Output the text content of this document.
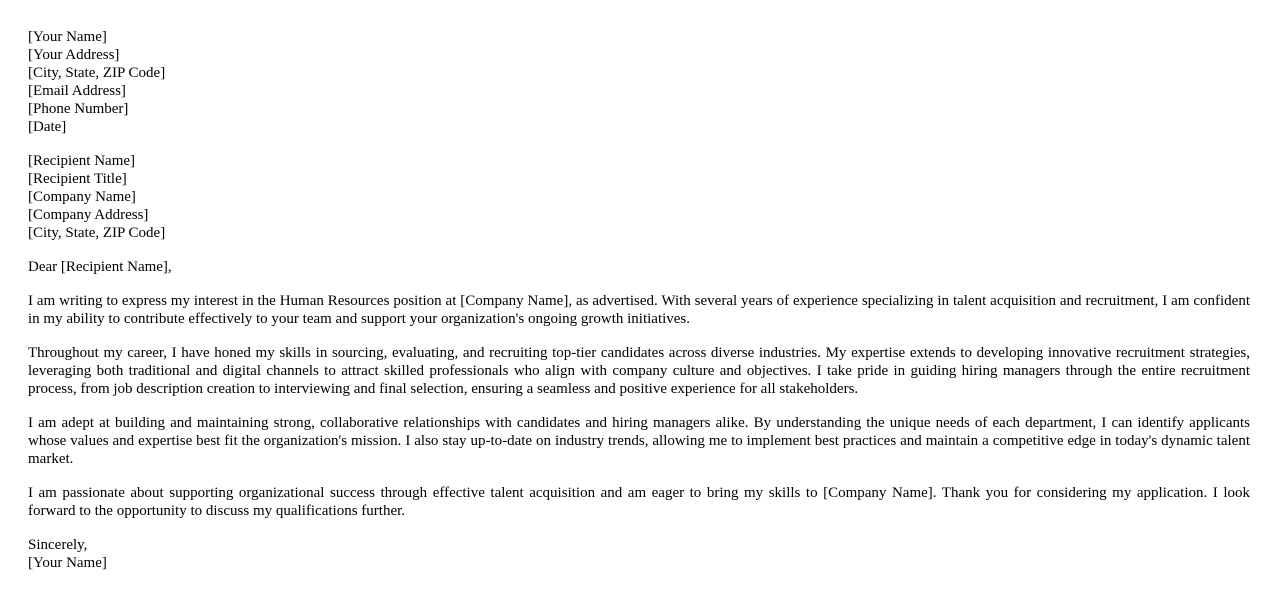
[Your Name]
[Your Address]
[City, State, ZIP Code]
[Email Address]
[Phone Number]
[Date]
[Recipient Name]
[Recipient Title]
[Company Name]
[Company Address]
[City, State, ZIP Code]

Dear [Recipient Name],

I am writing to express my interest in the Human Resources position at [Company Name], as advertised. With several years of experience specializing in talent acquisition and recruitment, I am confident in my ability to contribute effectively to your team and support your organization's ongoing growth initiatives.

Throughout my career, I have honed my skills in sourcing, evaluating, and recruiting top-tier candidates across diverse industries. My expertise extends to developing innovative recruitment strategies, leveraging both traditional and digital channels to attract skilled professionals who align with company culture and objectives. I take pride in guiding hiring managers through the entire recruitment process, from job description creation to interviewing and final selection, ensuring a seamless and positive experience for all stakeholders.

I am adept at building and maintaining strong, collaborative relationships with candidates and hiring managers alike. By understanding the unique needs of each department, I can identify applicants whose values and expertise best fit the organization's mission. I also stay up-to-date on industry trends, allowing me to implement best practices and maintain a competitive edge in today's dynamic talent market.

I am passionate about supporting organizational success through effective talent acquisition and am eager to bring my skills to [Company Name]. Thank you for considering my application. I look forward to the opportunity to discuss my qualifications further.

Sincerely,
[Your Name]
